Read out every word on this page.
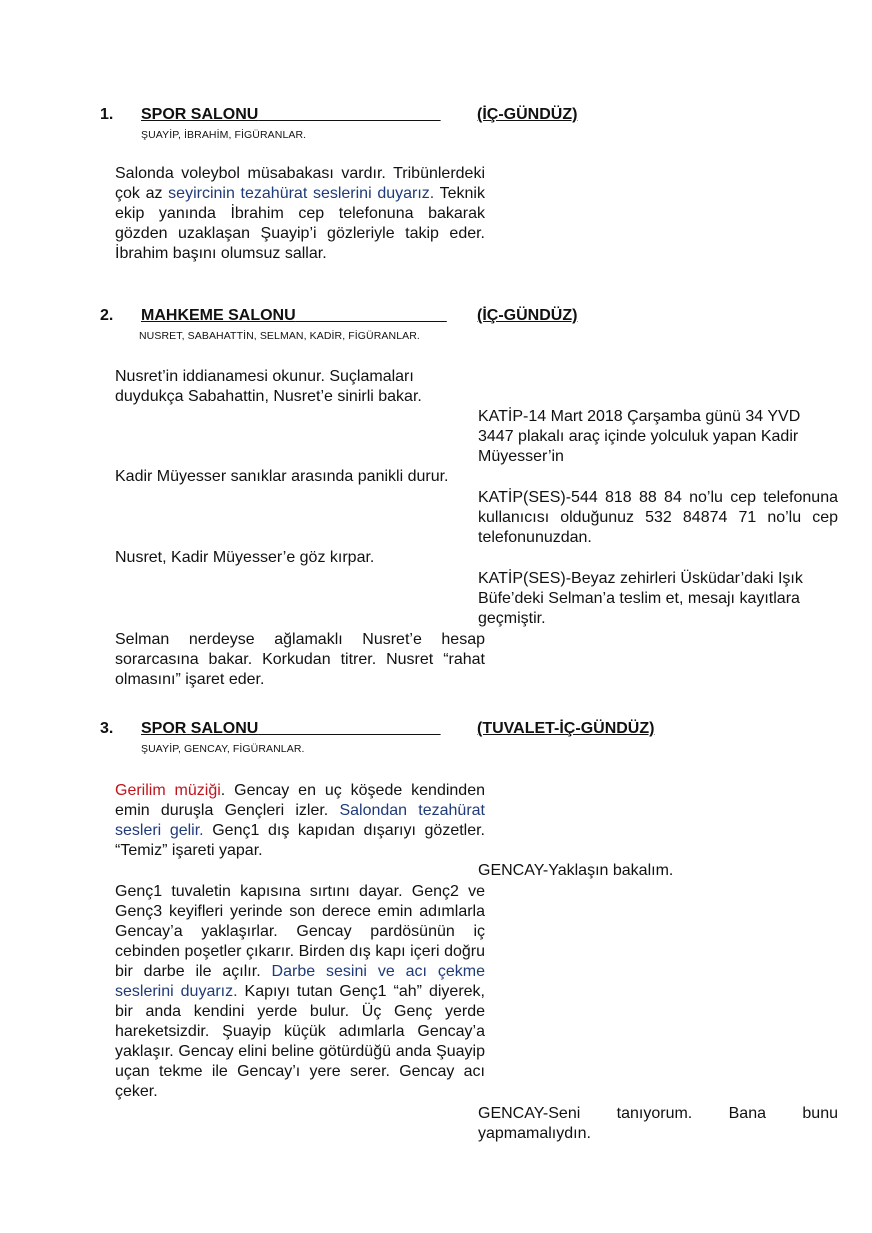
1. SPOR SALONU	(İÇ-GÜNDÜZ)
ŞUAYİP, İBRAHİM, FİGÜRANLAR.
Salonda voleybol müsabakası vardır. Tribünlerdeki çok az seyircinin tezahürat seslerini duyarız. Teknik ekip yanında İbrahim cep telefonuna bakarak gözden uzaklaşan Şuayip’i gözleriyle takip eder. İbrahim başını olumsuz sallar.
2. MAHKEME SALONU	(İÇ-GÜNDÜZ)
NUSRET, SABAHATTİN, SELMAN, KADİR, FİGÜRANLAR.
Nusret’in iddianamesi okunur. Suçlamaları duydukça Sabahattin, Nusret’e sinirli bakar.
KATİP-14 Mart 2018 Çarşamba günü 34 YVD 3447 plakalı araç içinde yolculuk yapan Kadir Müyesser’in
Kadir Müyesser sanıklar arasında panikli durur.
KATİP(SES)-544 818 88 84 no’lu cep telefonuna kullanıcısı olduğunuz 532 84874 71 no’lu cep telefonunuzdan.
Nusret, Kadir Müyesser’e göz kırpar.
KATİP(SES)-Beyaz zehirleri Üsküdar’daki Işık Büfe’deki Selman’a teslim et, mesajı kayıtlara geçmiştir.
Selman nerdeyse ağlamaklı Nusret’e hesap sorarcasına bakar. Korkudan titrer. Nusret “rahat olmasını” işaret eder.
3. SPOR SALONU	(TUVALET-İÇ-GÜNDÜZ)
ŞUAYİP, GENCAY, FİGÜRANLAR.
Gerilim müziği. Gencay en uç köşede kendinden emin duruşla Gençleri izler. Salondan tezahürat sesleri gelir. Genç1 dış kapıdan dışarıyı gözetler. “Temiz” işareti yapar.
GENCAY-Yaklaşın bakalım.
Genç1 tuvaletin kapısına sırtını dayar. Genç2 ve Genç3 keyifleri yerinde son derece emin adımlarla Gencay’a yaklaşırlar. Gencay pardösünün iç cebinden poşetler çıkarır. Birden dış kapı içeri doğru bir darbe ile açılır. Darbe sesini ve acı çekme seslerini duyarız. Kapıyı tutan Genç1 “ah” diyerek, bir anda kendini yerde bulur. Üç Genç yerde hareketsizdir. Şuayip küçük adımlarla Gencay’a yaklaşır. Gencay elini beline götürdüğü anda Şuayip uçan tekme ile Gencay’ı yere serer. Gencay acı çeker.
GENCAY-Seni tanıyorum. Bana bunu yapmamalıydın.
